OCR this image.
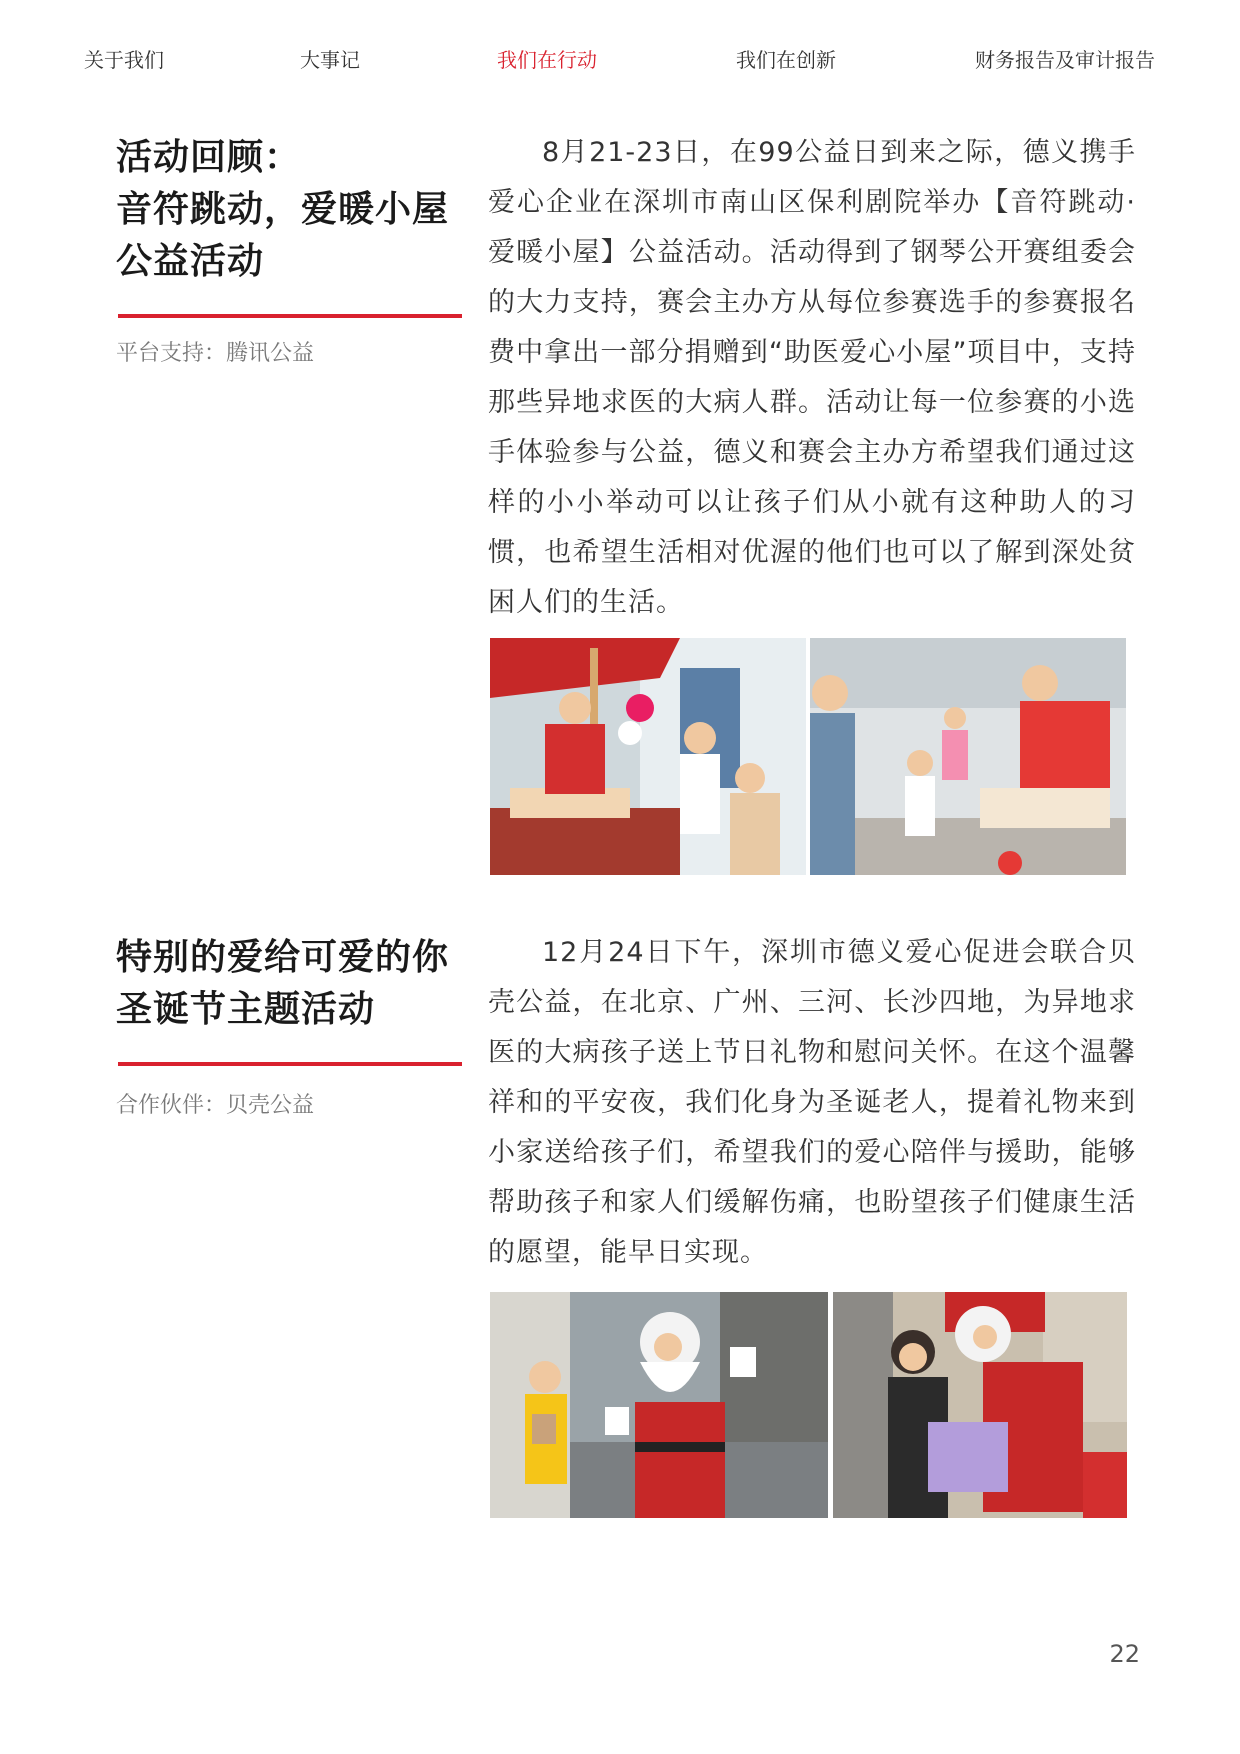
关于我们	大事记	我们在行动	我们在创新	财务报告及审计报告
活动回顾：
音符跳动，爱暖小屋
公益活动
平台支持：腾讯公益

8月21-23日，在99公益日到来之际，德义携手爱心企业在深圳市南山区保利剧院举办【音符跳动·爱暖小屋】公益活动。活动得到了钢琴公开赛组委会的大力支持，赛会主办方从每位参赛选手的参赛报名费中拿出一部分捐赠到“助医爱心小屋”项目中，支持那些异地求医的大病人群。活动让每一位参赛的小选手体验参与公益，德义和赛会主办方希望我们通过这样的小小举动可以让孩子们从小就有这种助人的习惯，也希望生活相对优渥的他们也可以了解到深处贫困人们的生活。

特别的爱给可爱的你
圣诞节主题活动
合作伙伴：贝壳公益

12月24日下午，深圳市德义爱心促进会联合贝壳公益，在北京、广州、三河、长沙四地，为异地求医的大病孩子送上节日礼物和慰问关怀。在这个温馨祥和的平安夜，我们化身为圣诞老人，提着礼物来到小家送给孩子们，希望我们的爱心陪伴与援助，能够帮助孩子和家人们缓解伤痛，也盼望孩子们健康生活的愿望，能早日实现。

22
